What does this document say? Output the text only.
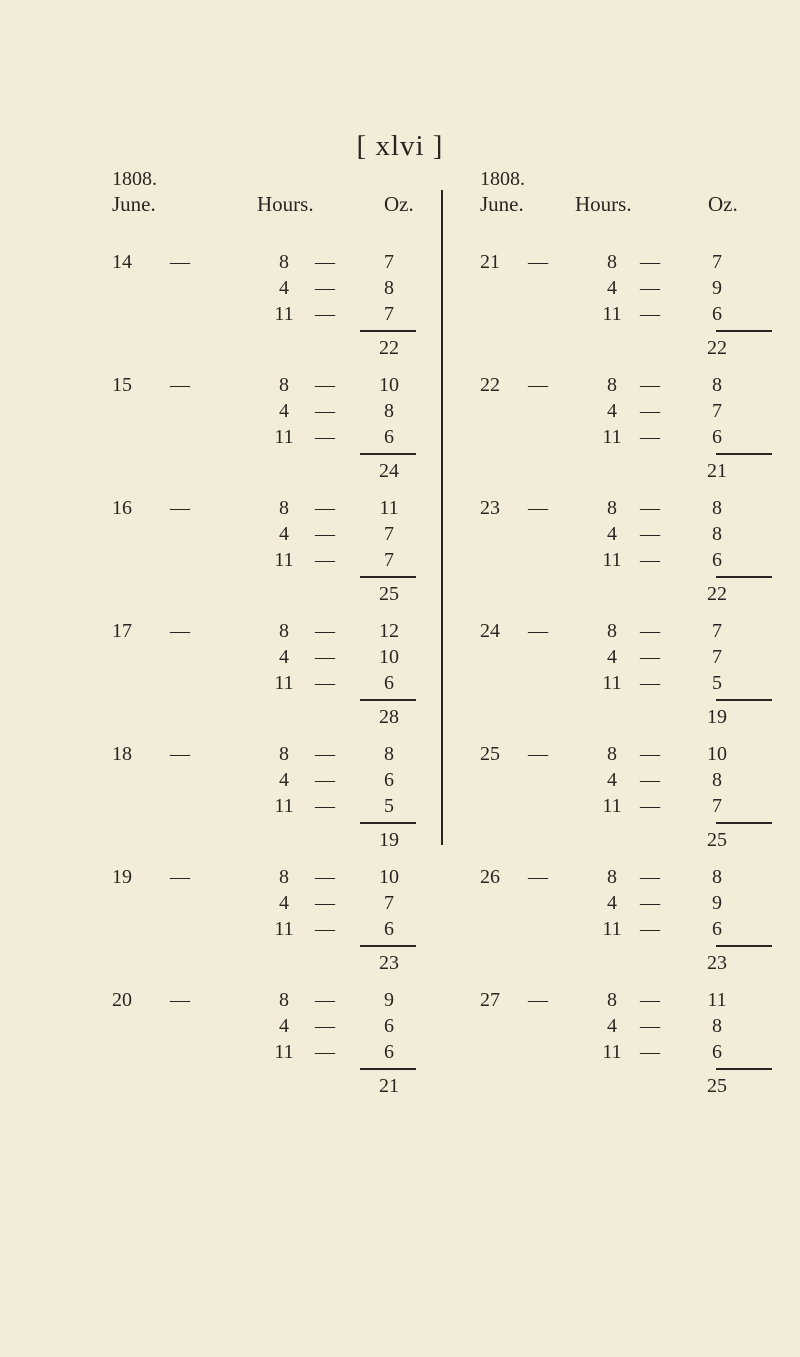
[ xlvi ]
1808.
June.	Hours.	Oz.
14	—	8	—	7
4	—	8
11	—	7
22
15	—	8	— 10
4	—	8
11	—	6
24
16	—	8	— 11
4	—	7
11	—	7
25
17	—	8	— 12
4	— 10
11	—	6
28
18	—	8	—	8
4	—	6
11	—	5
19
19	—	8	— 10
4	—	7
11	—	6
23
20	—	8	—	9
4	—	6
11	—	6
21
1808.
June. Hours.	Oz.
21	—	8	—	7
4	—	9
11 —	6
22
22	—	8	—	8
4	—	7
11 —	6
21
23	—	8	—	8
4	—	8
11 —	6
22
24	—	8	—	7
4	—	7
11 —	5
19
25	—	8	— 10
4	—	8
11 —	7
25
26	—	8	—	8
4	—	9
11 —	6
23
27	—	8	— 11
4	—	8
11 —	6
25
